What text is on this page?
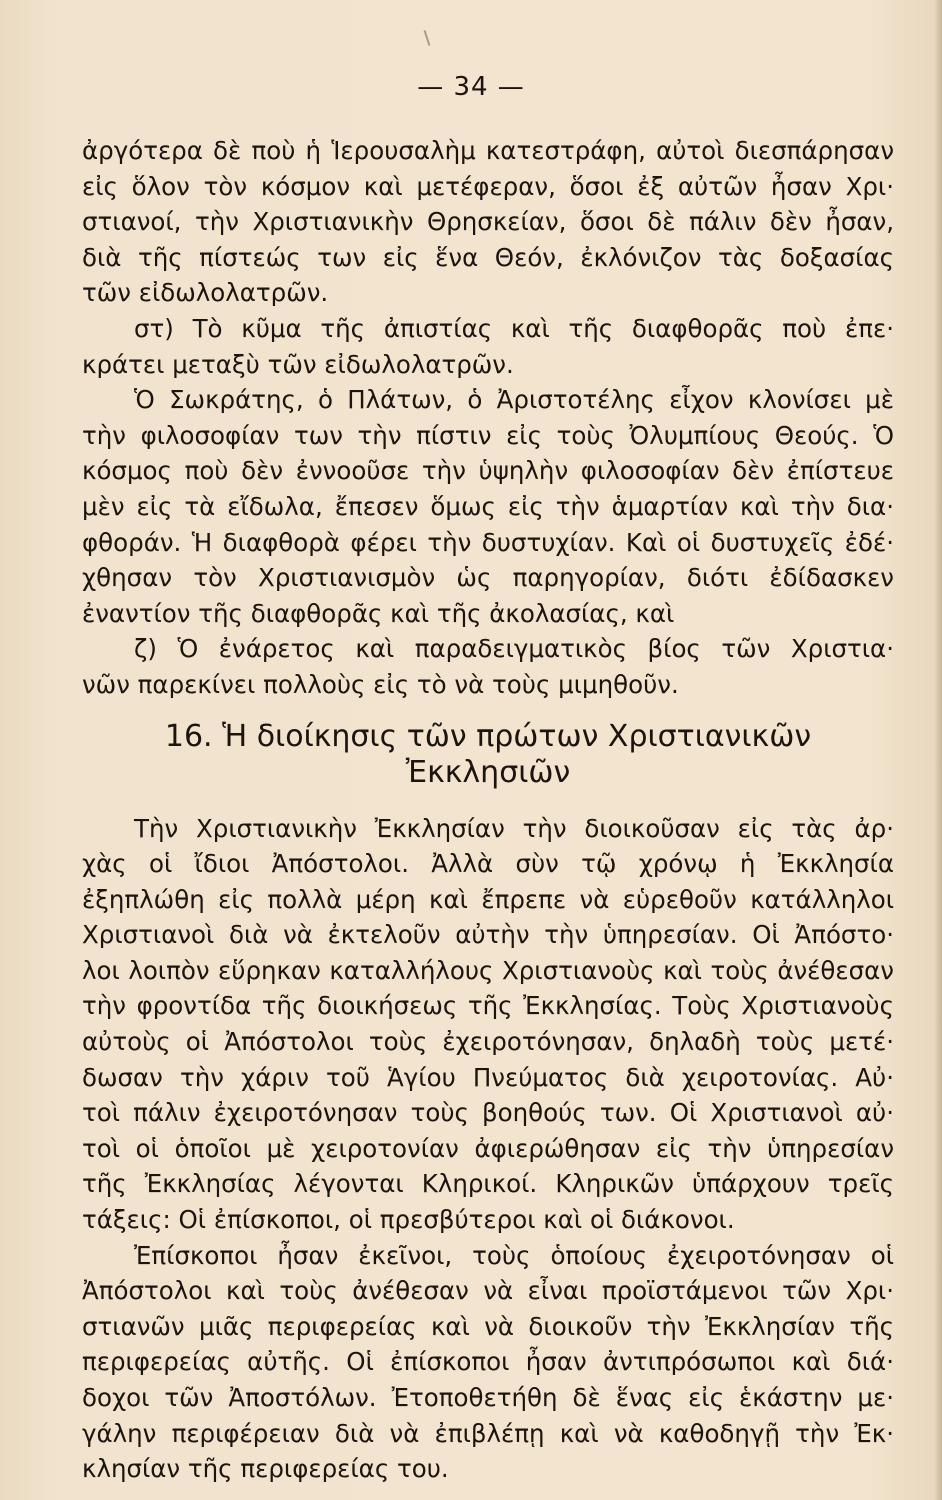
— 34 —
ἀργότερα δὲ ποὺ ἡ Ἱερουσαλὴμ κατεστράφη, αὐτοὶ διεσπάρησαν
εἰς ὅλον τὸν κόσμον καὶ μετέφεραν, ὅσοι ἐξ αὐτῶν ἦσαν Χρι·
στιανοί, τὴν Χριστιανικὴν Θρησκείαν, ὅσοι δὲ πάλιν δὲν ἦσαν,
διὰ τῆς πίστεώς των εἰς ἕνα Θεόν, ἐκλόνιζον τὰς δοξασίας
τῶν εἰδωλολατρῶν.
στ) Τὸ κῦμα τῆς ἀπιστίας καὶ τῆς διαφθορᾶς ποὺ ἐπε·
κράτει μεταξὺ τῶν εἰδωλολατρῶν.
Ὁ Σωκράτης, ὁ Πλάτων, ὁ Ἀριστοτέλης εἶχον κλονίσει μὲ
τὴν φιλοσοφίαν των τὴν πίστιν εἰς τοὺς Ὀλυμπίους Θεούς. Ὁ
κόσμος ποὺ δὲν ἐννοοῦσε τὴν ὑψηλὴν φιλοσοφίαν δὲν ἐπίστευε
μὲν εἰς τὰ εἴδωλα, ἔπεσεν ὅμως εἰς τὴν ἁμαρτίαν καὶ τὴν δια·
φθοράν. Ἡ διαφθορὰ φέρει τὴν δυστυχίαν. Καὶ οἱ δυστυχεῖς ἐδέ·
χθησαν τὸν Χριστιανισμὸν ὡς παρηγορίαν, διότι ἐδίδασκεν
ἐναντίον τῆς διαφθορᾶς καὶ τῆς ἀκολασίας, καὶ
ζ) Ὁ ἐνάρετος καὶ παραδειγματικὸς βίος τῶν Χριστια·
νῶν παρεκίνει πολλοὺς εἰς τὸ νὰ τοὺς μιμηθοῦν.
16. Ἡ διοίκησις τῶν πρώτων Χριστιανικῶν
Ἐκκλησιῶν
Τὴν Χριστιανικὴν Ἐκκλησίαν τὴν διοικοῦσαν εἰς τὰς ἀρ·
χὰς οἱ ἴδιοι Ἀπόστολοι. Ἀλλὰ σὺν τῷ χρόνῳ ἡ Ἐκκλησία
ἐξηπλώθη εἰς πολλὰ μέρη καὶ ἔπρεπε νὰ εὑρεθοῦν κατάλληλοι
Χριστιανοὶ διὰ νὰ ἐκτελοῦν αὐτὴν τὴν ὑπηρεσίαν. Οἱ Ἀπόστο·
λοι λοιπὸν εὕρηκαν καταλλήλους Χριστιανοὺς καὶ τοὺς ἀνέθεσαν
τὴν φροντίδα τῆς διοικήσεως τῆς Ἐκκλησίας. Τοὺς Χριστιανοὺς
αὐτοὺς οἱ Ἀπόστολοι τοὺς ἐχειροτόνησαν, δηλαδὴ τοὺς μετέ·
δωσαν τὴν χάριν τοῦ Ἁγίου Πνεύματος διὰ χειροτονίας. Αὐ·
τοὶ πάλιν ἐχειροτόνησαν τοὺς βοηθούς των. Οἱ Χριστιανοὶ αὐ·
τοὶ οἱ ὁποῖοι μὲ χειροτονίαν ἀφιερώθησαν εἰς τὴν ὑπηρεσίαν
τῆς Ἐκκλησίας λέγονται Κληρικοί. Κληρικῶν ὑπάρχουν τρεῖς
τάξεις: Οἱ ἐπίσκοποι, οἱ πρεσβύτεροι καὶ οἱ διάκονοι.
Ἐπίσκοποι ἦσαν ἐκεῖνοι, τοὺς ὁποίους ἐχειροτόνησαν οἱ
Ἀπόστολοι καὶ τοὺς ἀνέθεσαν νὰ εἶναι προϊστάμενοι τῶν Χρι·
στιανῶν μιᾶς περιφερείας καὶ νὰ διοικοῦν τὴν Ἐκκλησίαν τῆς
περιφερείας αὐτῆς. Οἱ ἐπίσκοποι ἦσαν ἀντιπρόσωποι καὶ διά·
δοχοι τῶν Ἀποστόλων. Ἐτοποθετήθη δὲ ἕνας εἰς ἑκάστην με·
γάλην περιφέρειαν διὰ νὰ ἐπιβλέπῃ καὶ νὰ καθοδηγῇ τὴν Ἐκ·
κλησίαν τῆς περιφερείας του.
